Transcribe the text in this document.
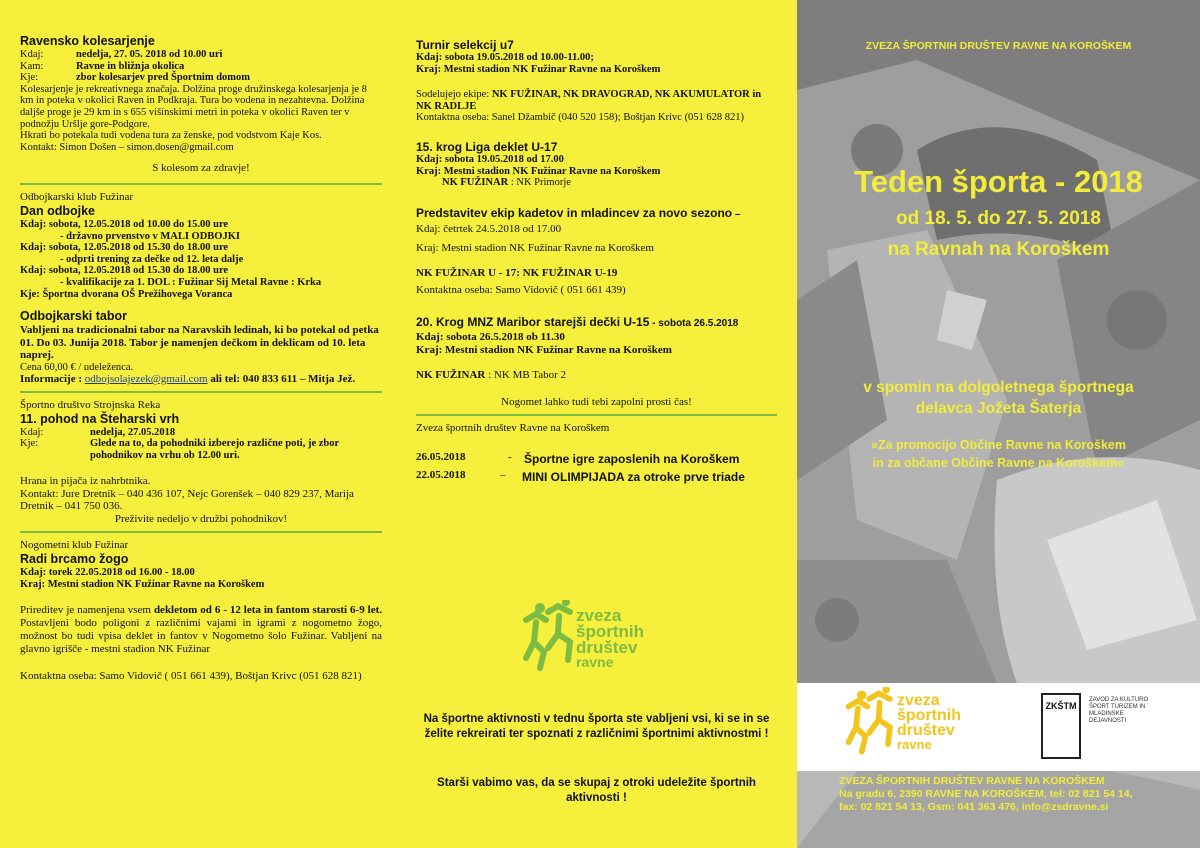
Ravensko kolesarjenje

Kdaj:	nedelja, 27. 05. 2018 od 10.00 uri
Kam:	Ravne in bližnja okolica
Kje:	zbor kolesarjev pred Športnim domom

Kolesarjenje je rekreativnega značaja. Dolžina proge družinskega kolesarjenja je 8 km in poteka v okolici Raven in Podkraja. Tura bo vodena in nezahtevna. Dolžina daljše proge je 29 km in s 655 višinskimi metri in poteka v okolici Raven ter v podnožju Uršlje gore-Podgore.

Hkrati bo potekala tudi vodena tura za ženske, pod vodstvom Kaje Kos.

Kontakt: Simon Došen – simon.dosen@gmail.com

S kolesom za zdravje!

Odbojkarski klub Fužinar

Dan odbojke

Kdaj: sobota, 12.05.2018 od 10.00 do 15.00 ure

- državno prvenstvo v MALI ODBOJKI

Kdaj: sobota, 12.05.2018 od 15.30 do 18.00 ure

- odprti trening za dečke od 12. leta dalje

Kdaj: sobota, 12.05.2018 od 15.30 do 18.00 ure

- kvalifikacije za 1. DOL : Fužinar Sij Metal Ravne : Krka

Kje: Športna dvorana OŠ Prežihovega Voranca

Odbojkarski tabor

Vabljeni na tradicionalni tabor na Naravskih ledinah, ki bo potekal od petka 01. Do 03. Junija 2018. Tabor je namenjen dečkom in deklicam od 10. leta naprej.

Cena 60,00 € / udeleženca.

Informacije : odbojsolajezek@gmail.com ali tel: 040 833 611 – Mitja Jež.

Športno društvo Strojnska Reka

11. pohod na Šteharski vrh

Kdaj:	nedelja, 27.05.2018
Kje:	Glede na to, da pohodniki izberejo različne poti, je zbor pohodnikov na vrhu ob 12.00 uri.

Hrana in pijača iz nahrbtnika.

Kontakt: Jure Dretnik – 040 436 107, Nejc Gorenšek – 040 829 237, Marija Dretnik – 041 750 036.

Preživite nedeljo v družbi pohodnikov!

Nogometni klub Fužinar

Radi brcamo žogo

Kdaj: torek 22.05.2018 od 16.00 - 18.00

Kraj: Mestni stadion NK Fužinar Ravne na Koroškem

Prireditev je namenjena vsem dekletom od 6 - 12 leta in fantom starosti 6-9 let. Postavljeni bodo poligoni z različnimi vajami in igrami z nogometno žogo, možnost bo tudi vpisa deklet in fantov v Nogometno šolo Fužinar. Vabljeni na glavno igrišče - mestni stadion NK Fužinar

Kontaktna oseba: Samo Vidovič ( 051 661 439), Boštjan Krivc (051 628 821)

Turnir selekcij u7

Kdaj: sobota 19.05.2018 od 10.00-11.00;

Kraj: Mestni stadion NK Fužinar Ravne na Koroškem

Sodelujejo ekipe: NK FUŽINAR, NK DRAVOGRAD, NK AKUMULATOR in NK RADLJE

Kontaktna oseba: Sanel Džambič (040 520 158); Boštjan Krivc (051 628 821)

15. krog Liga deklet U-17

Kdaj: sobota 19.05.2018 od 17.00

Kraj: Mestni stadion NK Fužinar Ravne na Koroškem

NK FUŽINAR : NK Primorje

Predstavitev ekip kadetov in mladincev za novo sezono –

Kdaj: četrtek 24.5.2018 od 17.00

Kraj: Mestni stadion NK Fužinar Ravne na Koroškem

NK FUŽINAR U - 17: NK FUŽINAR U-19

Kontaktna oseba: Samo Vidovič ( 051 661 439)

20. Krog MNZ Maribor starejši dečki U-15 - sobota 26.5.2018

Kdaj: sobota 26.5.2018 ob 11.30

Kraj: Mestni stadion NK Fužinar Ravne na Koroškem

NK FUŽINAR : NK MB Tabor 2

Nogomet lahko tudi tebi zapolni prosti čas!

Zveza športnih društev Ravne na Koroškem

26.05.2018	-	Športne igre zaposlenih na Koroškem
22.05.2018	–	MINI OLIMPIJADA za otroke prve triade
zveza
športnih
društev
ravne

Na športne aktivnosti v tednu športa ste vabljeni vsi, ki se in se želite rekreirati ter spoznati z različnimi športnimi aktivnostmi !

Starši vabimo vas, da se skupaj z otroki udeležite športnih aktivnosti !

ZVEZA ŠPORTNIH DRUŠTEV RAVNE NA KOROŠKEM

Teden športa - 2018

od 18. 5. do 27. 5. 2018

na Ravnah na Koroškem

v spomin na dolgoletnega športnega

delavca Jožeta Šaterja

»Za promocijo Občine Ravne na Koroškem

in za občane Občine Ravne na Koroškem«

zveza
športnih
društev
ravne
ZKŠTM
ZAVOD ZA KULTURO ŠPORT TURIZEM IN MLADINSKE DEJAVNOSTI

ZVEZA ŠPORTNIH DRUŠTEV RAVNE NA KOROŠKEM

Na gradu 6, 2390 RAVNE NA KOROŠKEM, tel: 02 821 54 14,

fax: 02 821 54 13, Gsm: 041 363 476, info@zsdravne.si
